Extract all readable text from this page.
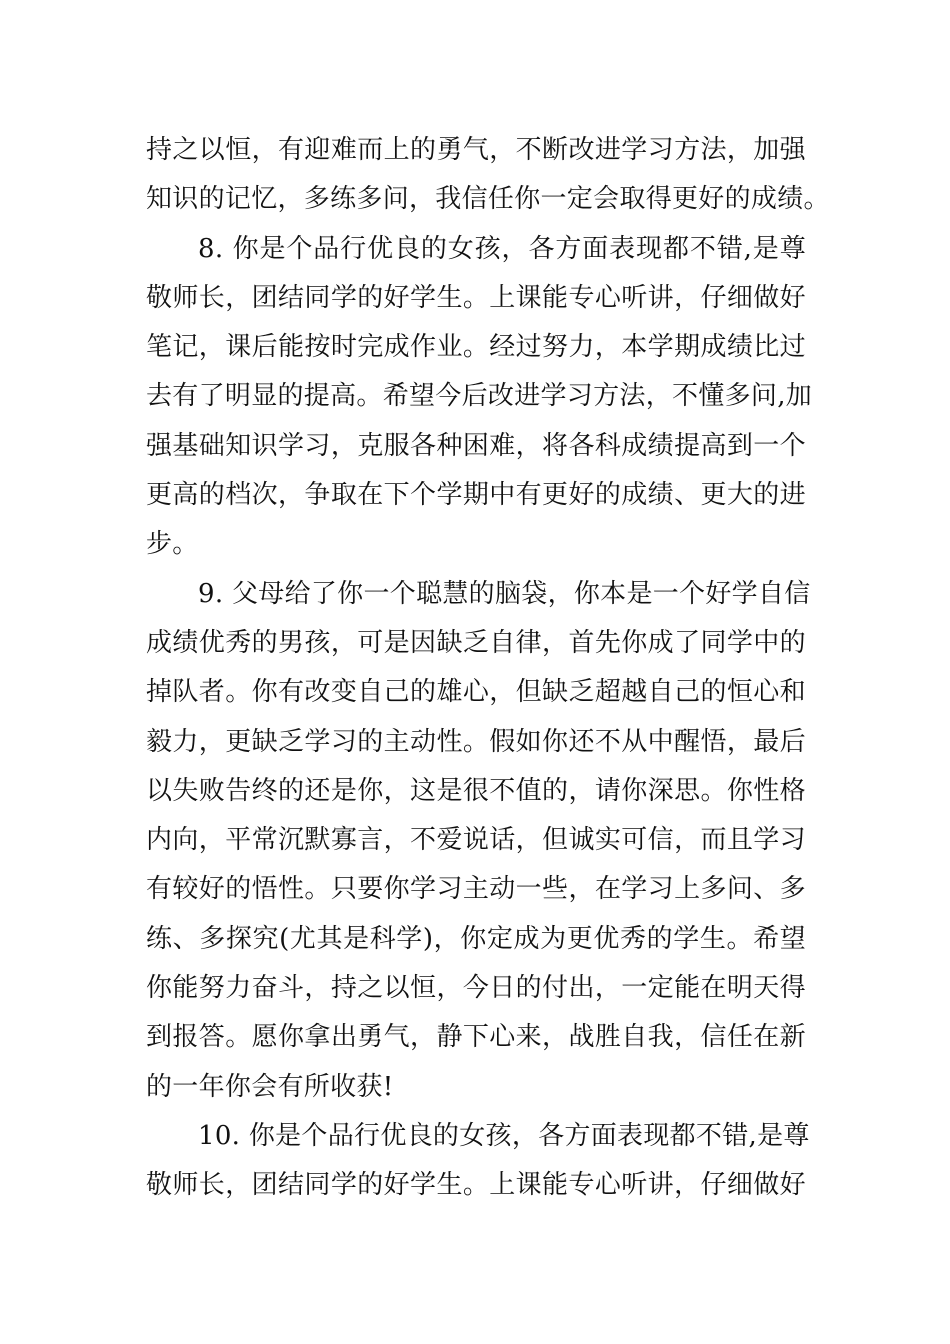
持之以恒，有迎难而上的勇气，不断改进学习方法，加强
知识的记忆，多练多问，我信任你一定会取得更好的成绩。
8. 你是个品行优良的女孩，各方面表现都不错,是尊
敬师长，团结同学的好学生。上课能专心听讲，仔细做好
笔记，课后能按时完成作业。经过努力，本学期成绩比过
去有了明显的提高。希望今后改进学习方法，不懂多问,加
强基础知识学习，克服各种困难，将各科成绩提高到一个
更高的档次，争取在下个学期中有更好的成绩、更大的进
步。
9. 父母给了你一个聪慧的脑袋，你本是一个好学自信
成绩优秀的男孩，可是因缺乏自律，首先你成了同学中的
掉队者。你有改变自己的雄心，但缺乏超越自己的恒心和
毅力，更缺乏学习的主动性。假如你还不从中醒悟，最后
以失败告终的还是你，这是很不值的，请你深思。你性格
内向，平常沉默寡言，不爱说话，但诚实可信，而且学习
有较好的悟性。只要你学习主动一些，在学习上多问、多
练、多探究(尤其是科学)，你定成为更优秀的学生。希望
你能努力奋斗，持之以恒，今日的付出，一定能在明天得
到报答。愿你拿出勇气，静下心来，战胜自我，信任在新
的一年你会有所收获!
10. 你是个品行优良的女孩，各方面表现都不错,是尊
敬师长，团结同学的好学生。上课能专心听讲，仔细做好
